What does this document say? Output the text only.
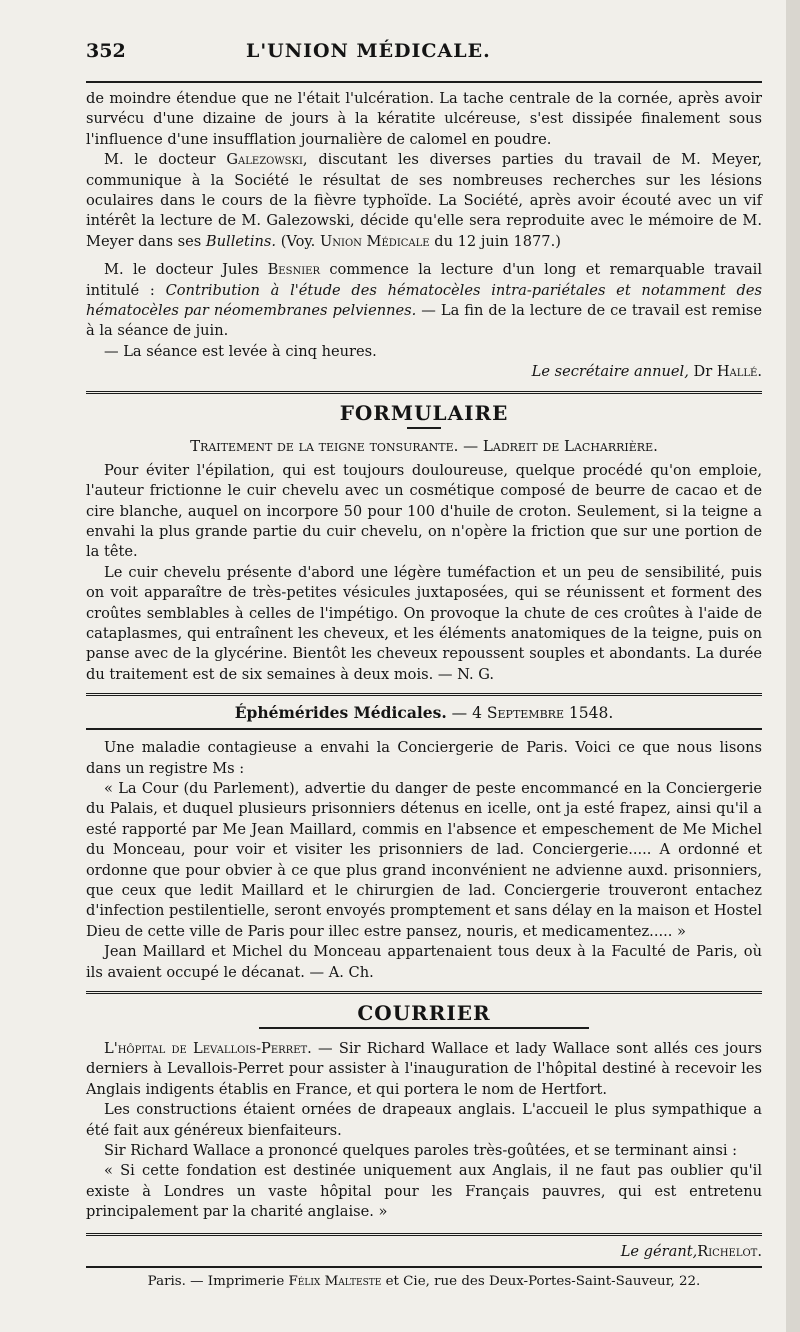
352	L'UNION MÉDICALE.

de moindre étendue que ne l'était l'ulcération. La tache centrale de la cornée, après avoir survécu d'une dizaine de jours à la kératite ulcéreuse, s'est dissipée finalement sous l'influence d'une insufflation journalière de calomel en poudre.

M. le docteur Galezowski, discutant les diverses parties du travail de M. Meyer, communique à la Société le résultat de ses nombreuses recherches sur les lésions oculaires dans le cours de la fièvre typhoïde. La Société, après avoir écouté avec un vif intérêt la lecture de M. Galezowski, décide qu'elle sera reproduite avec le mémoire de M. Meyer dans ses Bulletins. (Voy. Union Médicale du 12 juin 1877.)

M. le docteur Jules Besnier commence la lecture d'un long et remarquable travail intitulé : Contribution à l'étude des hématocèles intra-pariétales et notamment des hématocèles par néomembranes pelviennes. — La fin de la lecture de ce travail est remise à la séance de juin.

— La séance est levée à cinq heures.

Le secrétaire annuel, Dr Hallé.

FORMULAIRE
Traitement de la teigne tonsurante. — Ladreit de Lacharrière.

Pour éviter l'épilation, qui est toujours douloureuse, quelque procédé qu'on emploie, l'auteur frictionne le cuir chevelu avec un cosmétique composé de beurre de cacao et de cire blanche, auquel on incorpore 50 pour 100 d'huile de croton. Seulement, si la teigne a envahi la plus grande partie du cuir chevelu, on n'opère la friction que sur une portion de la tête.

Le cuir chevelu présente d'abord une légère tuméfaction et un peu de sensibilité, puis on voit apparaître de très-petites vésicules juxtaposées, qui se réunissent et forment des croûtes semblables à celles de l'impétigo. On provoque la chute de ces croûtes à l'aide de cataplasmes, qui entraînent les cheveux, et les éléments anatomiques de la teigne, puis on panse avec de la glycérine. Bientôt les cheveux repoussent souples et abondants. La durée du traitement est de six semaines à deux mois. — N. G.

Éphémérides Médicales. — 4 Septembre 1548.

Une maladie contagieuse a envahi la Conciergerie de Paris. Voici ce que nous lisons dans un registre Ms :

« La Cour (du Parlement), advertie du danger de peste encommancé en la Conciergerie du Palais, et duquel plusieurs prisonniers détenus en icelle, ont ja esté frapez, ainsi qu'il a esté rapporté par Me Jean Maillard, commis en l'absence et empeschement de Me Michel du Monceau, pour voir et visiter les prisonniers de lad. Conciergerie..... A ordonné et ordonne que pour obvier à ce que plus grand inconvénient ne advienne auxd. prisonniers, que ceux que ledit Maillard et le chirurgien de lad. Conciergerie trouveront entachez d'infection pestilentielle, seront envoyés promptement et sans délay en la maison et Hostel Dieu de cette ville de Paris pour illec estre pansez, nouris, et medicamentez..... »

Jean Maillard et Michel du Monceau appartenaient tous deux à la Faculté de Paris, où ils avaient occupé le décanat. — A. Ch.

COURRIER

L'hôpital de Levallois-Perret. — Sir Richard Wallace et lady Wallace sont allés ces jours derniers à Levallois-Perret pour assister à l'inauguration de l'hôpital destiné à recevoir les Anglais indigents établis en France, et qui portera le nom de Hertfort.

Les constructions étaient ornées de drapeaux anglais. L'accueil le plus sympathique a été fait aux généreux bienfaiteurs.

Sir Richard Wallace a prononcé quelques paroles très-goûtées, et se terminant ainsi :

« Si cette fondation est destinée uniquement aux Anglais, il ne faut pas oublier qu'il existe à Londres un vaste hôpital pour les Français pauvres, qui est entretenu principalement par la charité anglaise. »

Le gérant, Richelot.
Paris. — Imprimerie Félix Malteste et Cie, rue des Deux-Portes-Saint-Sauveur, 22.
